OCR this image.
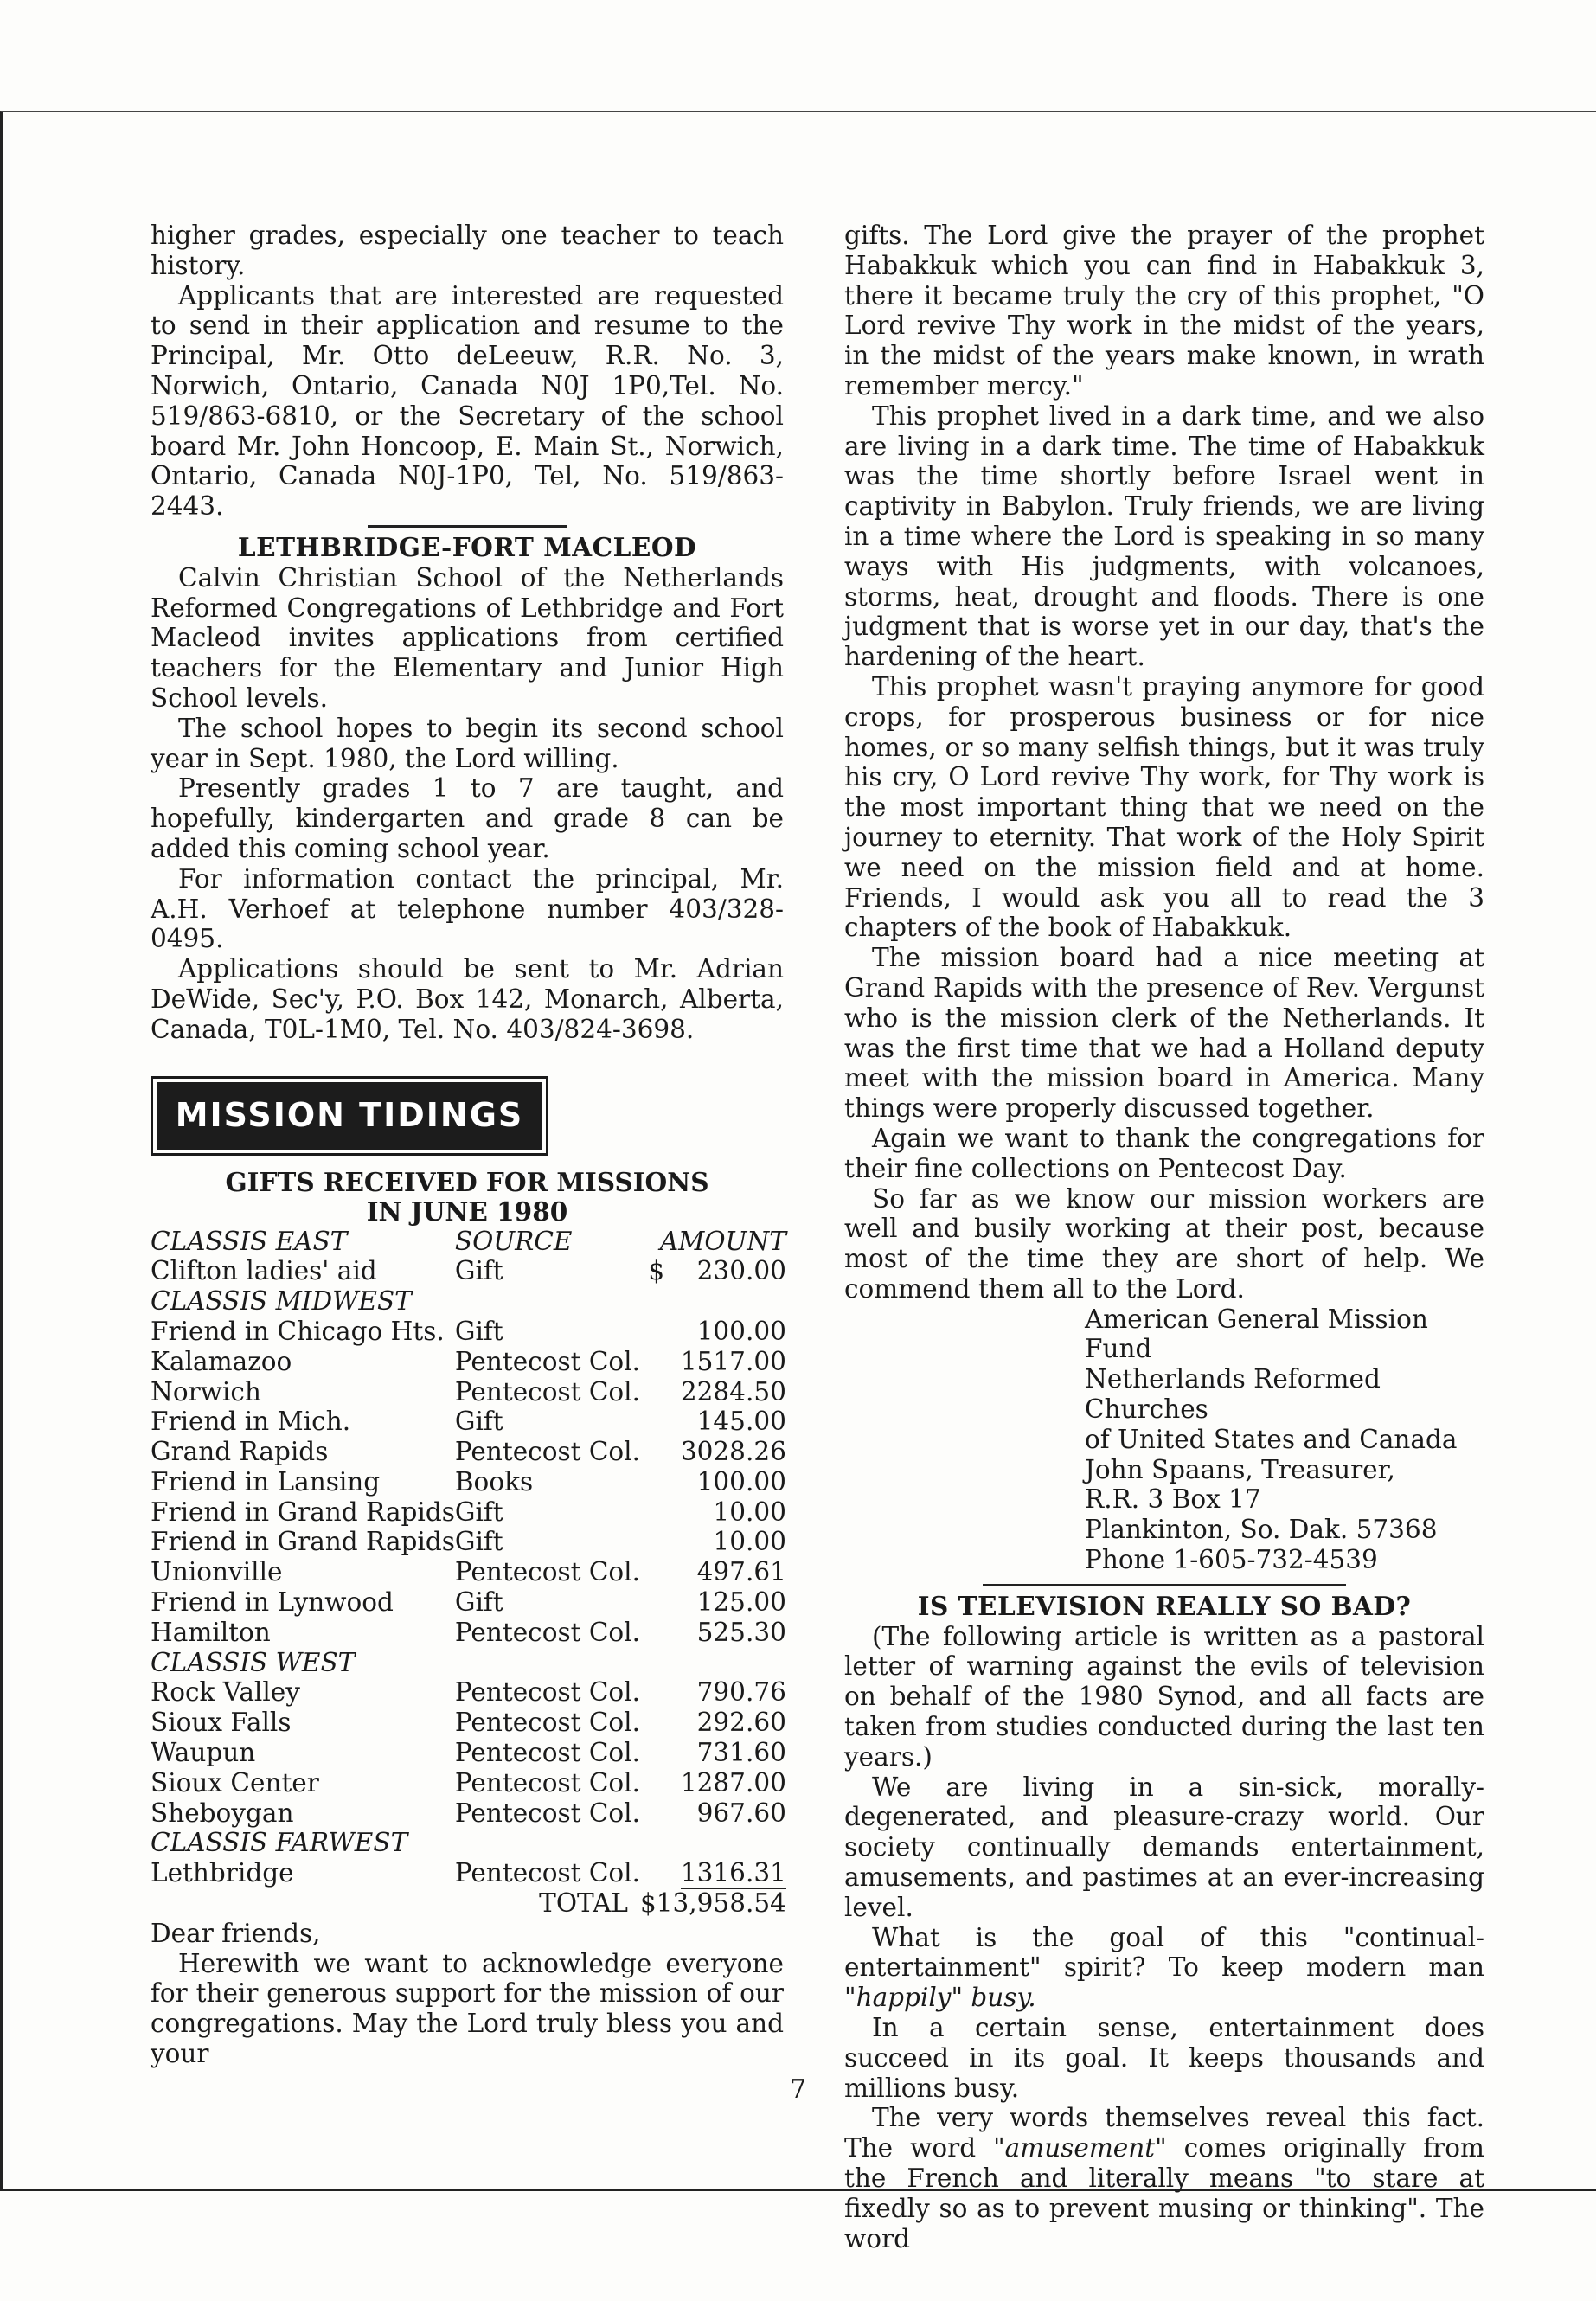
higher grades, especially one teacher to teach history.

Applicants that are interested are requested to send in their application and resume to the Principal, Mr. Otto deLeeuw, R.R. No. 3, Norwich, Ontario, Canada N0J 1P0,Tel. No. 519/863-6810, or the Secretary of the school board Mr. John Honcoop, E. Main St., Norwich, Ontario, Canada N0J-1P0, Tel, No. 519/863-2443.

LETHBRIDGE-FORT MACLEOD

Calvin Christian School of the Netherlands Reformed Congregations of Lethbridge and Fort Macleod invites applications from certified teachers for the Elementary and Junior High School levels.

The school hopes to begin its second school year in Sept. 1980, the Lord willing.

Presently grades 1 to 7 are taught, and hopefully, kindergarten and grade 8 can be added this coming school year.

For information contact the principal, Mr. A.H. Verhoef at telephone number 403/328-0495.

Applications should be sent to Mr. Adrian DeWide, Sec'y, P.O. Box 142, Monarch, Alberta, Canada, T0L-1M0, Tel. No. 403/824-3698.

MISSION TIDINGS
GIFTS RECEIVED FOR MISSIONS
IN JUNE 1980
CLASSIS EAST	SOURCE	AMOUNT
Clifton ladies' aid	Gift	$    230.00
CLASSIS MIDWEST		
Friend in Chicago Hts.	Gift	100.00
Kalamazoo	Pentecost Col.	1517.00
Norwich	Pentecost Col.	2284.50
Friend in Mich.	Gift	145.00
Grand Rapids	Pentecost Col.	3028.26
Friend in Lansing	Books	100.00
Friend in Grand Rapids	Gift	10.00
Friend in Grand Rapids	Gift	10.00
Unionville	Pentecost Col.	497.61
Friend in Lynwood	Gift	125.00
Hamilton	Pentecost Col.	525.30
CLASSIS WEST		
Rock Valley	Pentecost Col.	790.76
Sioux Falls	Pentecost Col.	292.60
Waupun	Pentecost Col.	731.60
Sioux Center	Pentecost Col.	1287.00
Sheboygan	Pentecost Col.	967.60
CLASSIS FARWEST		
Lethbridge	Pentecost Col.	1316.31
	TOTAL	$13,958.54

Dear friends,

Herewith we want to acknowledge everyone for their generous support for the mission of our congregations. May the Lord truly bless you and your

gifts. The Lord give the prayer of the prophet Habakkuk which you can find in Habakkuk 3, there it became truly the cry of this prophet, "O Lord revive Thy work in the midst of the years, in the midst of the years make known, in wrath remember mercy."

This prophet lived in a dark time, and we also are living in a dark time. The time of Habakkuk was the time shortly before Israel went in captivity in Babylon. Truly friends, we are living in a time where the Lord is speaking in so many ways with His judgments, with volcanoes, storms, heat, drought and floods. There is one judgment that is worse yet in our day, that's the hardening of the heart.

This prophet wasn't praying anymore for good crops, for prosperous business or for nice homes, or so many selfish things, but it was truly his cry, O Lord revive Thy work, for Thy work is the most important thing that we need on the journey to eternity. That work of the Holy Spirit we need on the mission field and at home. Friends, I would ask you all to read the 3 chapters of the book of Habakkuk.

The mission board had a nice meeting at Grand Rapids with the presence of Rev. Vergunst who is the mission clerk of the Netherlands. It was the first time that we had a Holland deputy meet with the mission board in America. Many things were properly discussed together.

Again we want to thank the congregations for their fine collections on Pentecost Day.

So far as we know our mission workers are well and busily working at their post, because most of the time they are short of help. We commend them all to the Lord.

American General Mission Fund
Netherlands Reformed Churches
of United States and Canada
John Spaans, Treasurer,
R.R. 3 Box 17
Plankinton, So. Dak. 57368
Phone 1-605-732-4539
IS TELEVISION REALLY SO BAD?

(The following article is written as a pastoral letter of warning against the evils of television on behalf of the 1980 Synod, and all facts are taken from studies conducted during the last ten years.)

We are living in a sin-sick, morally-degenerated, and pleasure-crazy world. Our society continually demands entertainment, amusements, and pastimes at an ever-increasing level.

What is the goal of this "continual-entertainment" spirit? To keep modern man "happily" busy.

In a certain sense, entertainment does succeed in its goal. It keeps thousands and millions busy.

The very words themselves reveal this fact. The word "amusement" comes originally from the French and literally means "to stare at fixedly so as to prevent musing or thinking". The word

7
